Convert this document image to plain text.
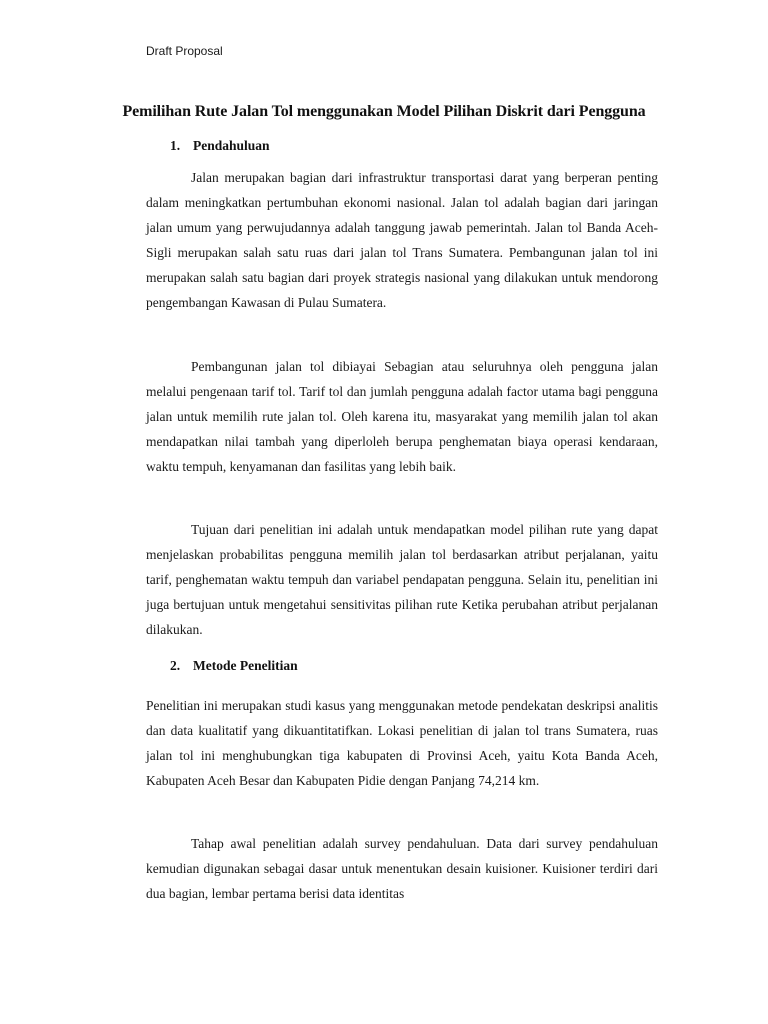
Draft Proposal
Pemilihan Rute Jalan Tol menggunakan Model Pilihan Diskrit dari Pengguna
1. Pendahuluan

Jalan merupakan bagian dari infrastruktur transportasi darat yang berperan penting dalam meningkatkan pertumbuhan ekonomi nasional. Jalan tol adalah bagian dari jaringan jalan umum yang perwujudannya adalah tanggung jawab pemerintah. Jalan tol Banda Aceh-Sigli merupakan salah satu ruas dari jalan tol Trans Sumatera. Pembangunan jalan tol ini merupakan salah satu bagian dari proyek strategis nasional yang dilakukan untuk mendorong pengembangan Kawasan di Pulau Sumatera.

Pembangunan jalan tol dibiayai Sebagian atau seluruhnya oleh pengguna jalan melalui pengenaan tarif tol. Tarif tol dan jumlah pengguna adalah factor utama bagi pengguna jalan untuk memilih rute jalan tol. Oleh karena itu, masyarakat yang memilih jalan tol akan mendapatkan nilai tambah yang diperloleh berupa penghematan biaya operasi kendaraan, waktu tempuh, kenyamanan dan fasilitas yang lebih baik.

Tujuan dari penelitian ini adalah untuk mendapatkan model pilihan rute yang dapat menjelaskan probabilitas pengguna memilih jalan tol berdasarkan atribut perjalanan, yaitu tarif, penghematan waktu tempuh dan variabel pendapatan pengguna. Selain itu, penelitian ini juga bertujuan untuk mengetahui sensitivitas pilihan rute Ketika perubahan atribut perjalanan dilakukan.

2. Metode Penelitian

Penelitian ini merupakan studi kasus yang menggunakan metode pendekatan deskripsi analitis dan data kualitatif yang dikuantitatifkan. Lokasi penelitian di jalan tol trans Sumatera, ruas jalan tol ini menghubungkan tiga kabupaten di Provinsi Aceh, yaitu Kota Banda Aceh, Kabupaten Aceh Besar dan Kabupaten Pidie dengan Panjang 74,214 km.

Tahap awal penelitian adalah survey pendahuluan. Data dari survey pendahuluan kemudian digunakan sebagai dasar untuk menentukan desain kuisioner. Kuisioner terdiri dari dua bagian, lembar pertama berisi data identitas
